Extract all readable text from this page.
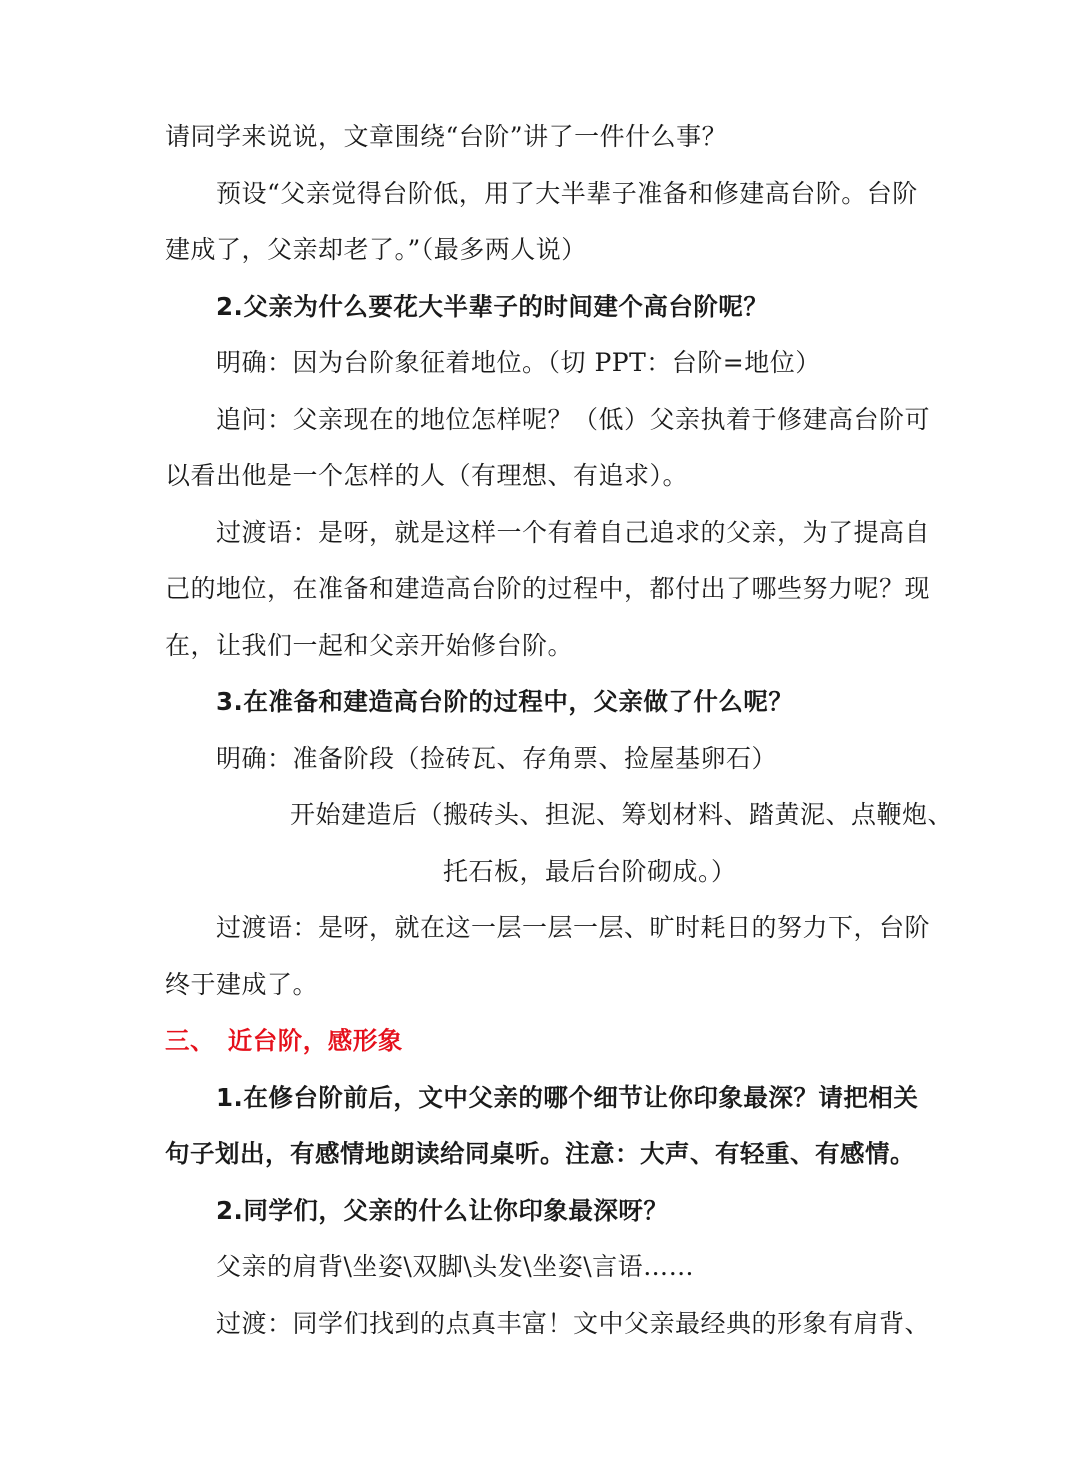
请同学来说说，文章围绕“台阶”讲了一件什么事？
预设“父亲觉得台阶低，用了大半辈子准备和修建高台阶。台阶
建成了，父亲却老了。”（最多两人说）
2.父亲为什么要花大半辈子的时间建个高台阶呢？
明确：因为台阶象征着地位。（切 PPT：台阶=地位）
追问：父亲现在的地位怎样呢？（低）父亲执着于修建高台阶可
以看出他是一个怎样的人（有理想、有追求）。
过渡语：是呀，就是这样一个有着自己追求的父亲，为了提高自
己的地位，在准备和建造高台阶的过程中，都付出了哪些努力呢？现
在，让我们一起和父亲开始修台阶。
3.在准备和建造高台阶的过程中，父亲做了什么呢？
明确：准备阶段（捡砖瓦、存角票、捡屋基卵石）
开始建造后（搬砖头、担泥、筹划材料、踏黄泥、点鞭炮、
托石板，最后台阶砌成。）
过渡语：是呀，就在这一层一层一层、旷时耗日的努力下，台阶
终于建成了。
三、　近台阶，感形象
1.在修台阶前后，文中父亲的哪个细节让你印象最深？请把相关
句子划出，有感情地朗读给同桌听。注意：大声、有轻重、有感情。
2.同学们，父亲的什么让你印象最深呀？
父亲的肩背\坐姿\双脚\头发\坐姿\言语……
过渡：同学们找到的点真丰富！文中父亲最经典的形象有肩背、
